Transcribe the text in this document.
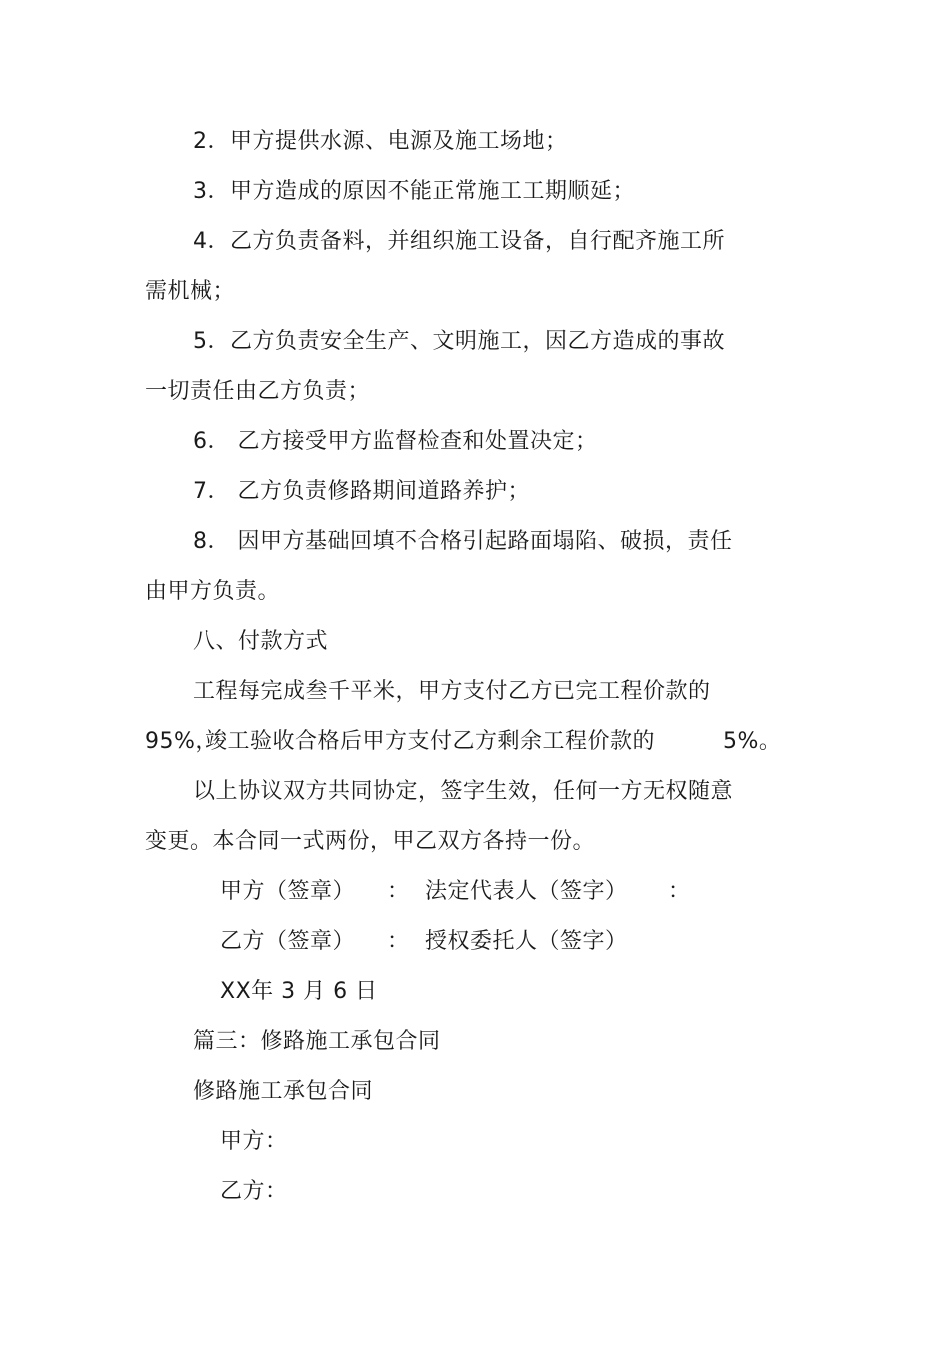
2．甲方提供水源、电源及施工场地；
3．甲方造成的原因不能正常施工工期顺延；
4．乙方负责备料，并组织施工设备，自行配齐施工所
需机械；
5．乙方负责安全生产、文明施工，因乙方造成的事故
一切责任由乙方负责；
6． 乙方接受甲方监督检查和处置决定；
7． 乙方负责修路期间道路养护；
8． 因甲方基础回填不合格引起路面塌陷、破损，责任
由甲方负责。
八、付款方式
工程每完成叁千平米，甲方支付乙方已完工程价款的
95%，
竣工验收合格后甲方支付乙方剩余工程价款的	5%。
以上协议双方共同协定，签字生效，任何一方无权随意
变更。本合同一式两份，甲乙双方各持一份。
甲方（签章） ： 法定代表人（签字） ：
乙方（签章） ： 授权委托人（签字）
XX年 3 月 6 日
篇三：修路施工承包合同
修路施工承包合同
甲方：
乙方：
